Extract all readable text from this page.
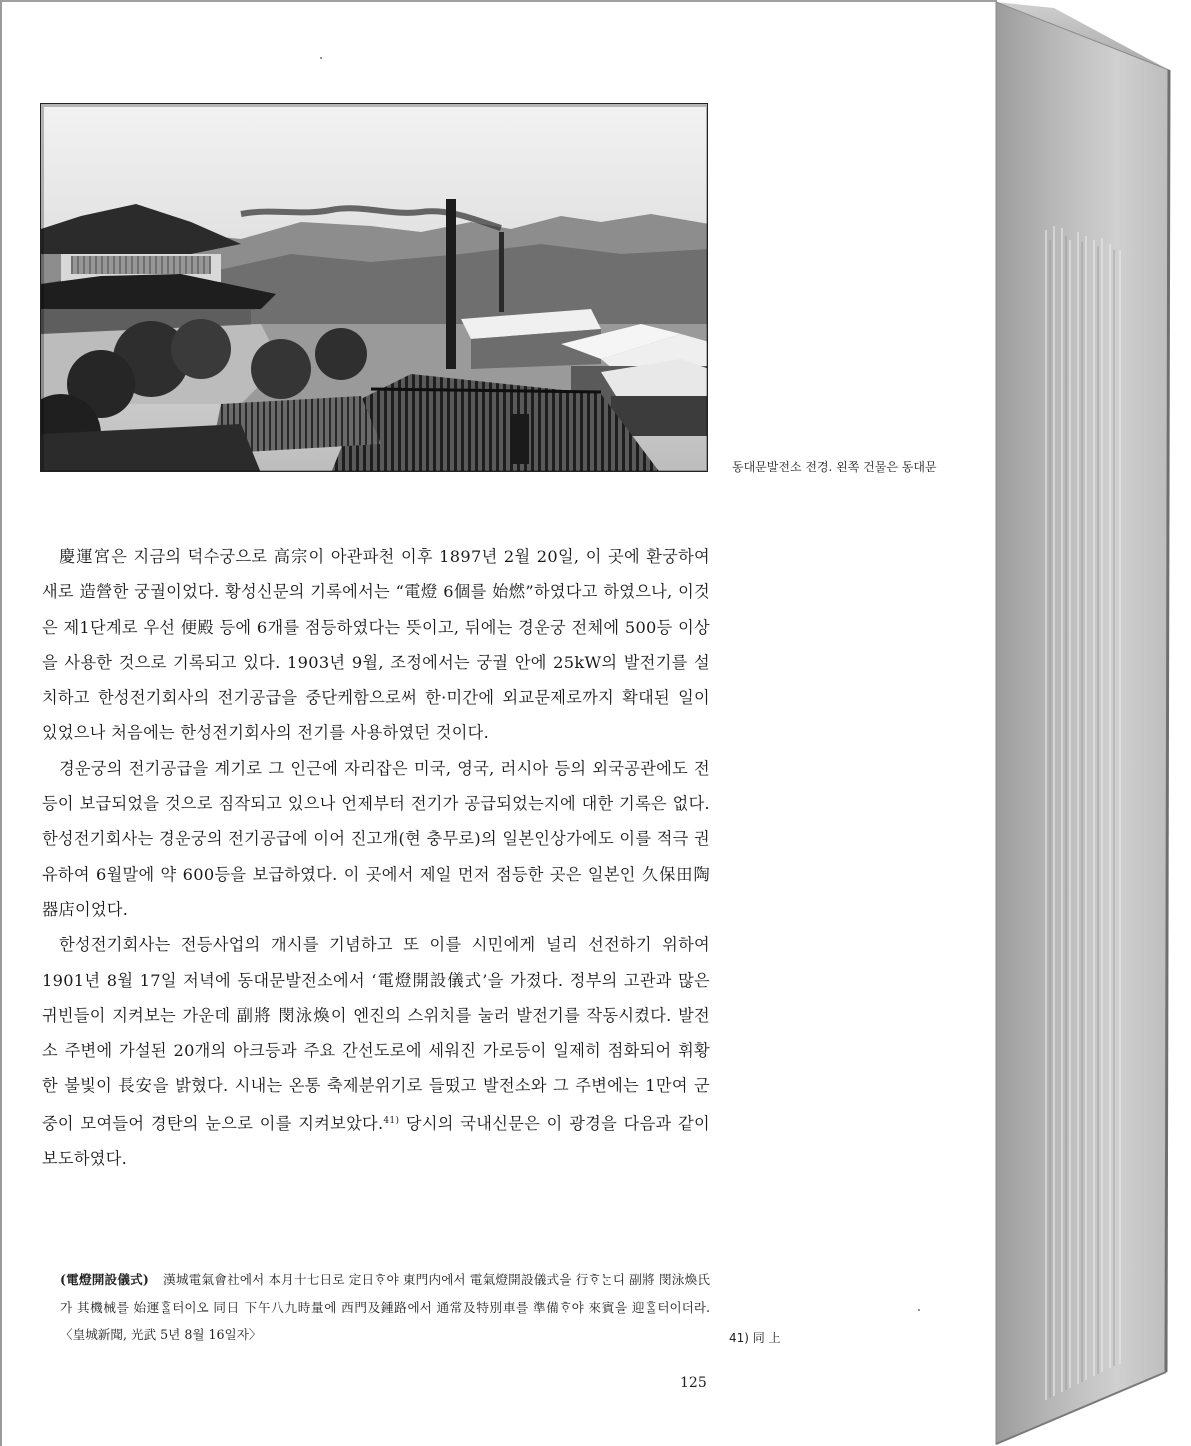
동대문발전소 전경. 왼쪽 건물은 동대문

慶運宮은 지금의 덕수궁으로 高宗이 아관파천 이후 1897년 2월 20일, 이 곳에 환궁하여 새로 造營한 궁궐이었다. 황성신문의 기록에서는 “電燈 6個를 始燃”하였다고 하였으나, 이것은 제1단계로 우선 便殿 등에 6개를 점등하였다는 뜻이고, 뒤에는 경운궁 전체에 500등 이상을 사용한 것으로 기록되고 있다. 1903년 9월, 조정에서는 궁궐 안에 25kW의 발전기를 설치하고 한성전기회사의 전기공급을 중단케함으로써 한·미간에 외교문제로까지 확대된 일이 있었으나 처음에는 한성전기회사의 전기를 사용하였던 것이다.

경운궁의 전기공급을 계기로 그 인근에 자리잡은 미국, 영국, 러시아 등의 외국공관에도 전등이 보급되었을 것으로 짐작되고 있으나 언제부터 전기가 공급되었는지에 대한 기록은 없다. 한성전기회사는 경운궁의 전기공급에 이어 진고개(현 충무로)의 일본인상가에도 이를 적극 권유하여 6월말에 약 600등을 보급하였다. 이 곳에서 제일 먼저 점등한 곳은 일본인 久保田陶器店이었다.

한성전기회사는 전등사업의 개시를 기념하고 또 이를 시민에게 널리 선전하기 위하여 1901년 8월 17일 저녁에 동대문발전소에서 ‘電燈開設儀式’을 가졌다. 정부의 고관과 많은 귀빈들이 지켜보는 가운데 副將 閔泳煥이 엔진의 스위치를 눌러 발전기를 작동시켰다. 발전소 주변에 가설된 20개의 아크등과 주요 간선도로에 세워진 가로등이 일제히 점화되어 휘황한 불빛이 長安을 밝혔다. 시내는 온통 축제분위기로 들떴고 발전소와 그 주변에는 1만여 군중이 모여들어 경탄의 눈으로 이를 지켜보았다.$^{41)}$ 당시의 국내신문은 이 광경을 다음과 같이 보도하였다.

(電燈開設儀式) 漢城電氣會社에서 本月十七日로 定日ᄒᆞ야 東門内에서 電氣燈開設儀式을 行ᄒᆞᄂᆞᆫ디 副將 閔泳煥氏가 其機械를 始運ᄒᆞᆯ터이오 同日 下午八九時量에 西門及鍾路에서 通常及特別車를 準備ᄒᆞ야 來賓을 迎ᄒᆞᆯ터이더라. 〈皇城新聞, 光武 5년 8월 16일자〉	41) 同 上
125
